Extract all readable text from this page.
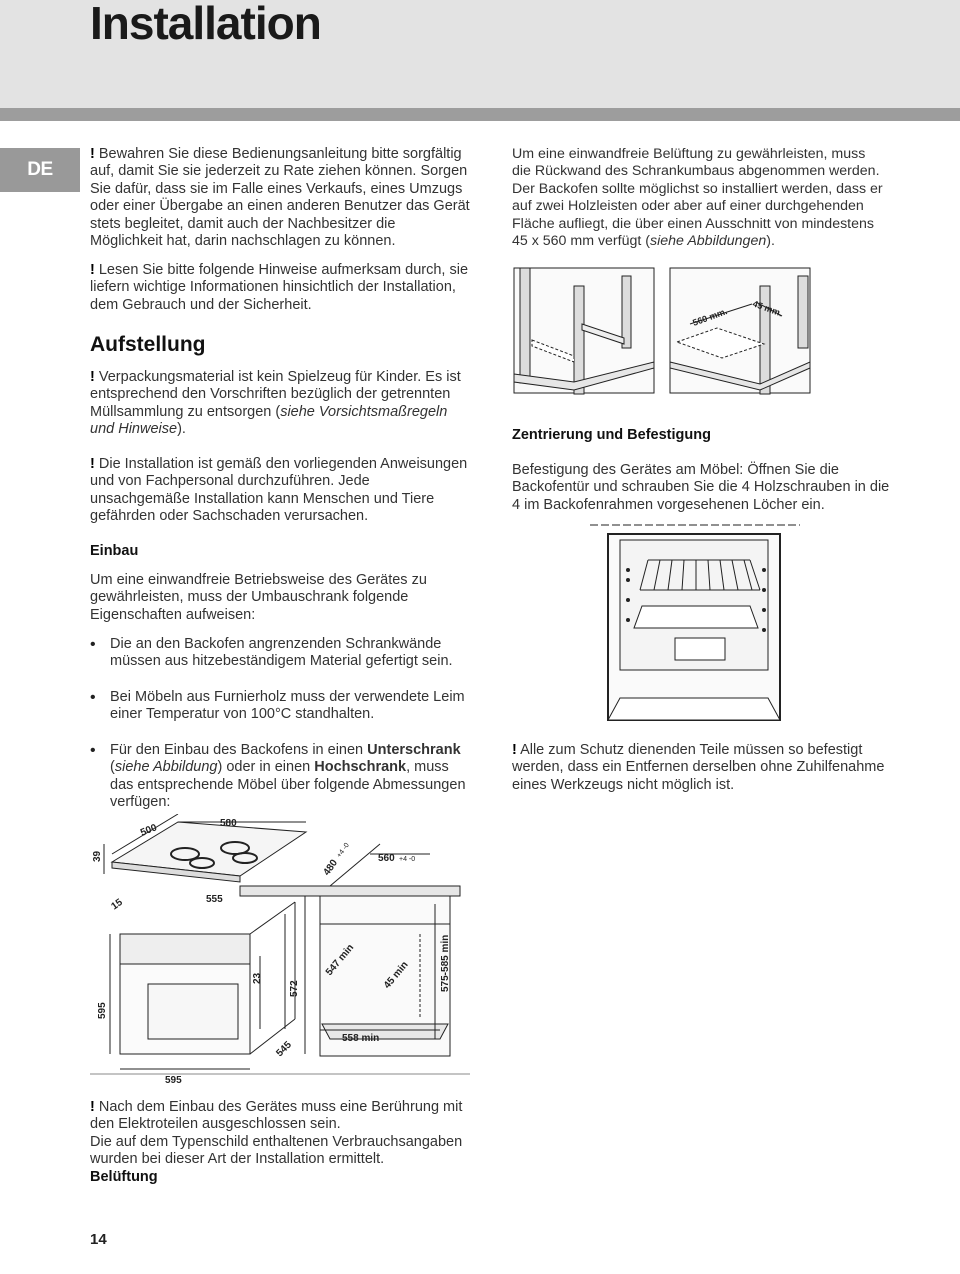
Installation
DE

! Bewahren Sie diese Bedienungsanleitung bitte sorgfältig auf, damit Sie sie jederzeit zu Rate ziehen können. Sorgen Sie dafür, dass sie im Falle eines Verkaufs, eines Umzugs oder einer Übergabe an einen anderen Benutzer das Gerät stets begleitet, damit auch der Nachbesitzer die Möglichkeit hat, darin nachschlagen zu können.

! Lesen Sie bitte folgende Hinweise aufmerksam durch, sie liefern wichtige Informationen hinsichtlich der Installation, dem Gebrauch und der Sicherheit.

Aufstellung

! Verpackungsmaterial ist kein Spielzeug für Kinder. Es ist entsprechend den Vorschriften bezüglich der getrennten Müllsammlung zu entsorgen (siehe Vorsichtsmaßregeln und Hinweise).

! Die Installation ist gemäß den vorliegenden Anweisungen und von Fachpersonal durchzuführen. Jede unsachgemäße Installation kann Menschen und Tiere gefährden oder Sachschaden verursachen.

Einbau
Um eine einwandfreie Betriebsweise des Gerätes zu gewährleisten, muss der Umbauschrank folgende Eigenschaften aufweisen:
• Die an den Backofen angrenzenden Schrankwände müssen aus hitzebeständigem Material gefertigt sein.
• Bei Möbeln aus Furnierholz muss der verwendete Leim einer Temperatur von 100°C standhalten.
• Für den Einbau des Backofens in einen Unterschrank (siehe Abbildung) oder in einen Hochschrank, muss das entsprechende Möbel über folgende Abmessungen verfügen:
580
500
39
480
+4 -0	560 +4 -0
15	555
23
572
547 min	45 min	575-585 min
595
558 min
545
595

! Nach dem Einbau des Gerätes muss eine Berührung mit den Elektroteilen ausgeschlossen sein.

Die auf dem Typenschild enthaltenen Verbrauchsangaben wurden bei dieser Art der Installation ermittelt.

Belüftung

Um eine einwandfreie Belüftung zu gewährleisten, muss die Rückwand des Schrankumbaus abgenommen werden. Der Backofen sollte möglichst so installiert werden, dass er auf zwei Holzleisten oder aber auf einer durchgehenden Fläche aufliegt, die über einen Ausschnitt von mindestens 45 x 560 mm verfügt (siehe Abbildungen).

560 mm.	45 mm.
Zentrierung und Befestigung
Befestigung des Gerätes am Möbel: Öffnen Sie die Backofentür und schrauben Sie die 4 Holzschrauben in die 4 im Backofenrahmen vorgesehenen Löcher ein.

! Alle zum Schutz dienenden Teile müssen so befestigt werden, dass ein Entfernen derselben ohne Zuhilfenahme eines Werkzeugs nicht möglich ist.

14
